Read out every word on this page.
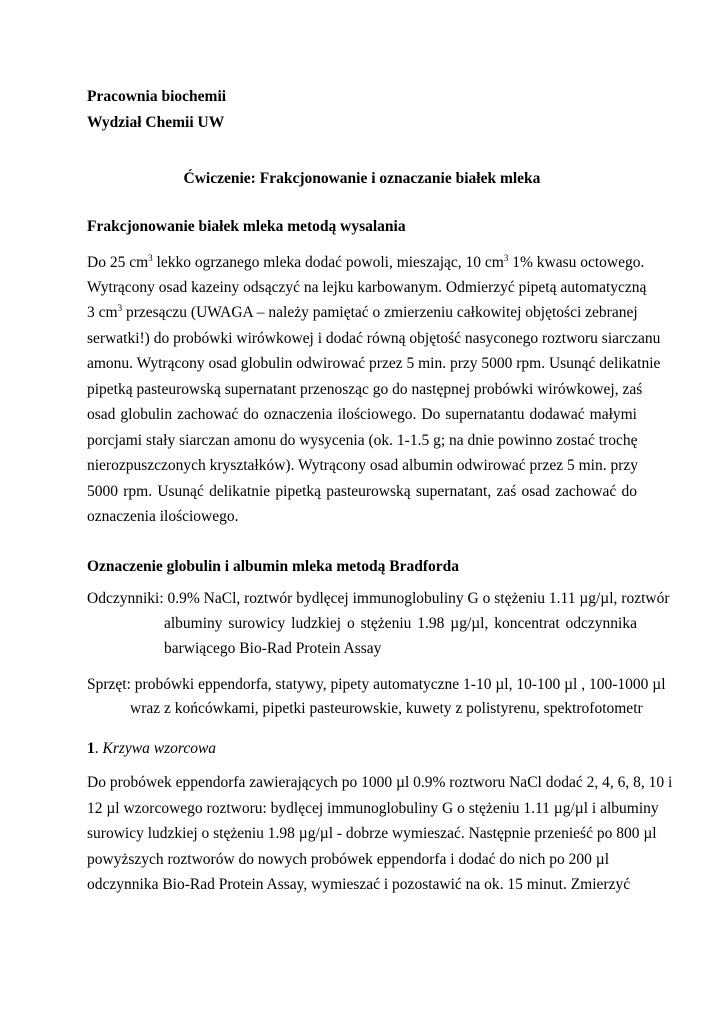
Pracownia biochemii
Wydział Chemii UW
Ćwiczenie: Frakcjonowanie i oznaczanie białek mleka
Frakcjonowanie białek mleka metodą wysalania
Do 25 $cm^3$ lekko ogrzanego mleka dodać powoli, mieszając, 10 $cm^3$ 1% kwasu octowego.
Wytrącony osad kazeiny odsączyć na lejku karbowanym. Odmierzyć pipetą automatyczną
3 $cm^3$ przesączu (UWAGA – należy pamiętać o zmierzeniu całkowitej objętości zebranej
serwatki!) do probówki wirówkowej i dodać równą objętość nasyconego roztworu siarczanu
amonu. Wytrącony osad globulin odwirować przez 5 min. przy 5000 rpm. Usunąć delikatnie
pipetką pasteurowską supernatant przenosząc go do następnej probówki wirówkowej, zaś
osad globulin zachować do oznaczenia ilościowego. Do supernatantu dodawać małymi
porcjami stały siarczan amonu do wysycenia (ok. 1-1.5 g; na dnie powinno zostać trochę
nierozpuszczonych kryształków). Wytrącony osad albumin odwirować przez 5 min. przy
5000 rpm. Usunąć delikatnie pipetką pasteurowską supernatant, zaś osad zachować do
oznaczenia ilościowego.
Oznaczenie globulin i albumin mleka metodą Bradforda
Odczynniki: 0.9% NaCl, roztwór bydlęcej immunoglobuliny G o stężeniu 1.11 µg/µl, roztwór
albuminy surowicy ludzkiej o stężeniu 1.98 µg/µl, koncentrat odczynnika
barwiącego Bio-Rad Protein Assay
Sprzęt: probówki eppendorfa, statywy, pipety automatyczne 1-10 µl, 10-100 µl , 100-1000 µl
wraz z końcówkami, pipetki pasteurowskie, kuwety z polistyrenu, spektrofotometr
1. Krzywa wzorcowa
Do probówek eppendorfa zawierających po 1000 µl 0.9% roztworu NaCl dodać 2, 4, 6, 8, 10 i
12 µl wzorcowego roztworu: bydlęcej immunoglobuliny G o stężeniu 1.11 µg/µl i albuminy
surowicy ludzkiej o stężeniu 1.98 µg/µl - dobrze wymieszać. Następnie przenieść po 800 µl
powyższych roztworów do nowych probówek eppendorfa i dodać do nich po 200 µl
odczynnika Bio-Rad Protein Assay, wymieszać i pozostawić na ok. 15 minut. Zmierzyć
